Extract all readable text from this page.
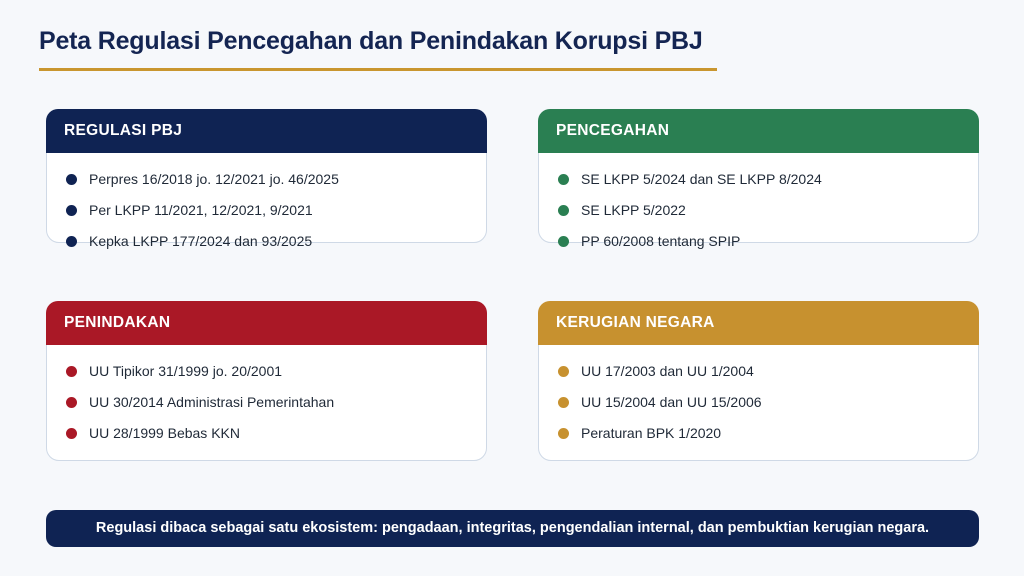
Peta Regulasi Pencegahan dan Penindakan Korupsi PBJ
REGULASI PBJ
Perpres 16/2018 jo. 12/2021 jo. 46/2025
Per LKPP 11/2021, 12/2021, 9/2021
Kepka LKPP 177/2024 dan 93/2025
PENCEGAHAN
SE LKPP 5/2024 dan SE LKPP 8/2024
SE LKPP 5/2022
PP 60/2008 tentang SPIP
PENINDAKAN
UU Tipikor 31/1999 jo. 20/2001
UU 30/2014 Administrasi Pemerintahan
UU 28/1999 Bebas KKN
KERUGIAN NEGARA
UU 17/2003 dan UU 1/2004
UU 15/2004 dan UU 15/2006
Peraturan BPK 1/2020
Regulasi dibaca sebagai satu ekosistem: pengadaan, integritas, pengendalian internal, dan pembuktian kerugian negara.
